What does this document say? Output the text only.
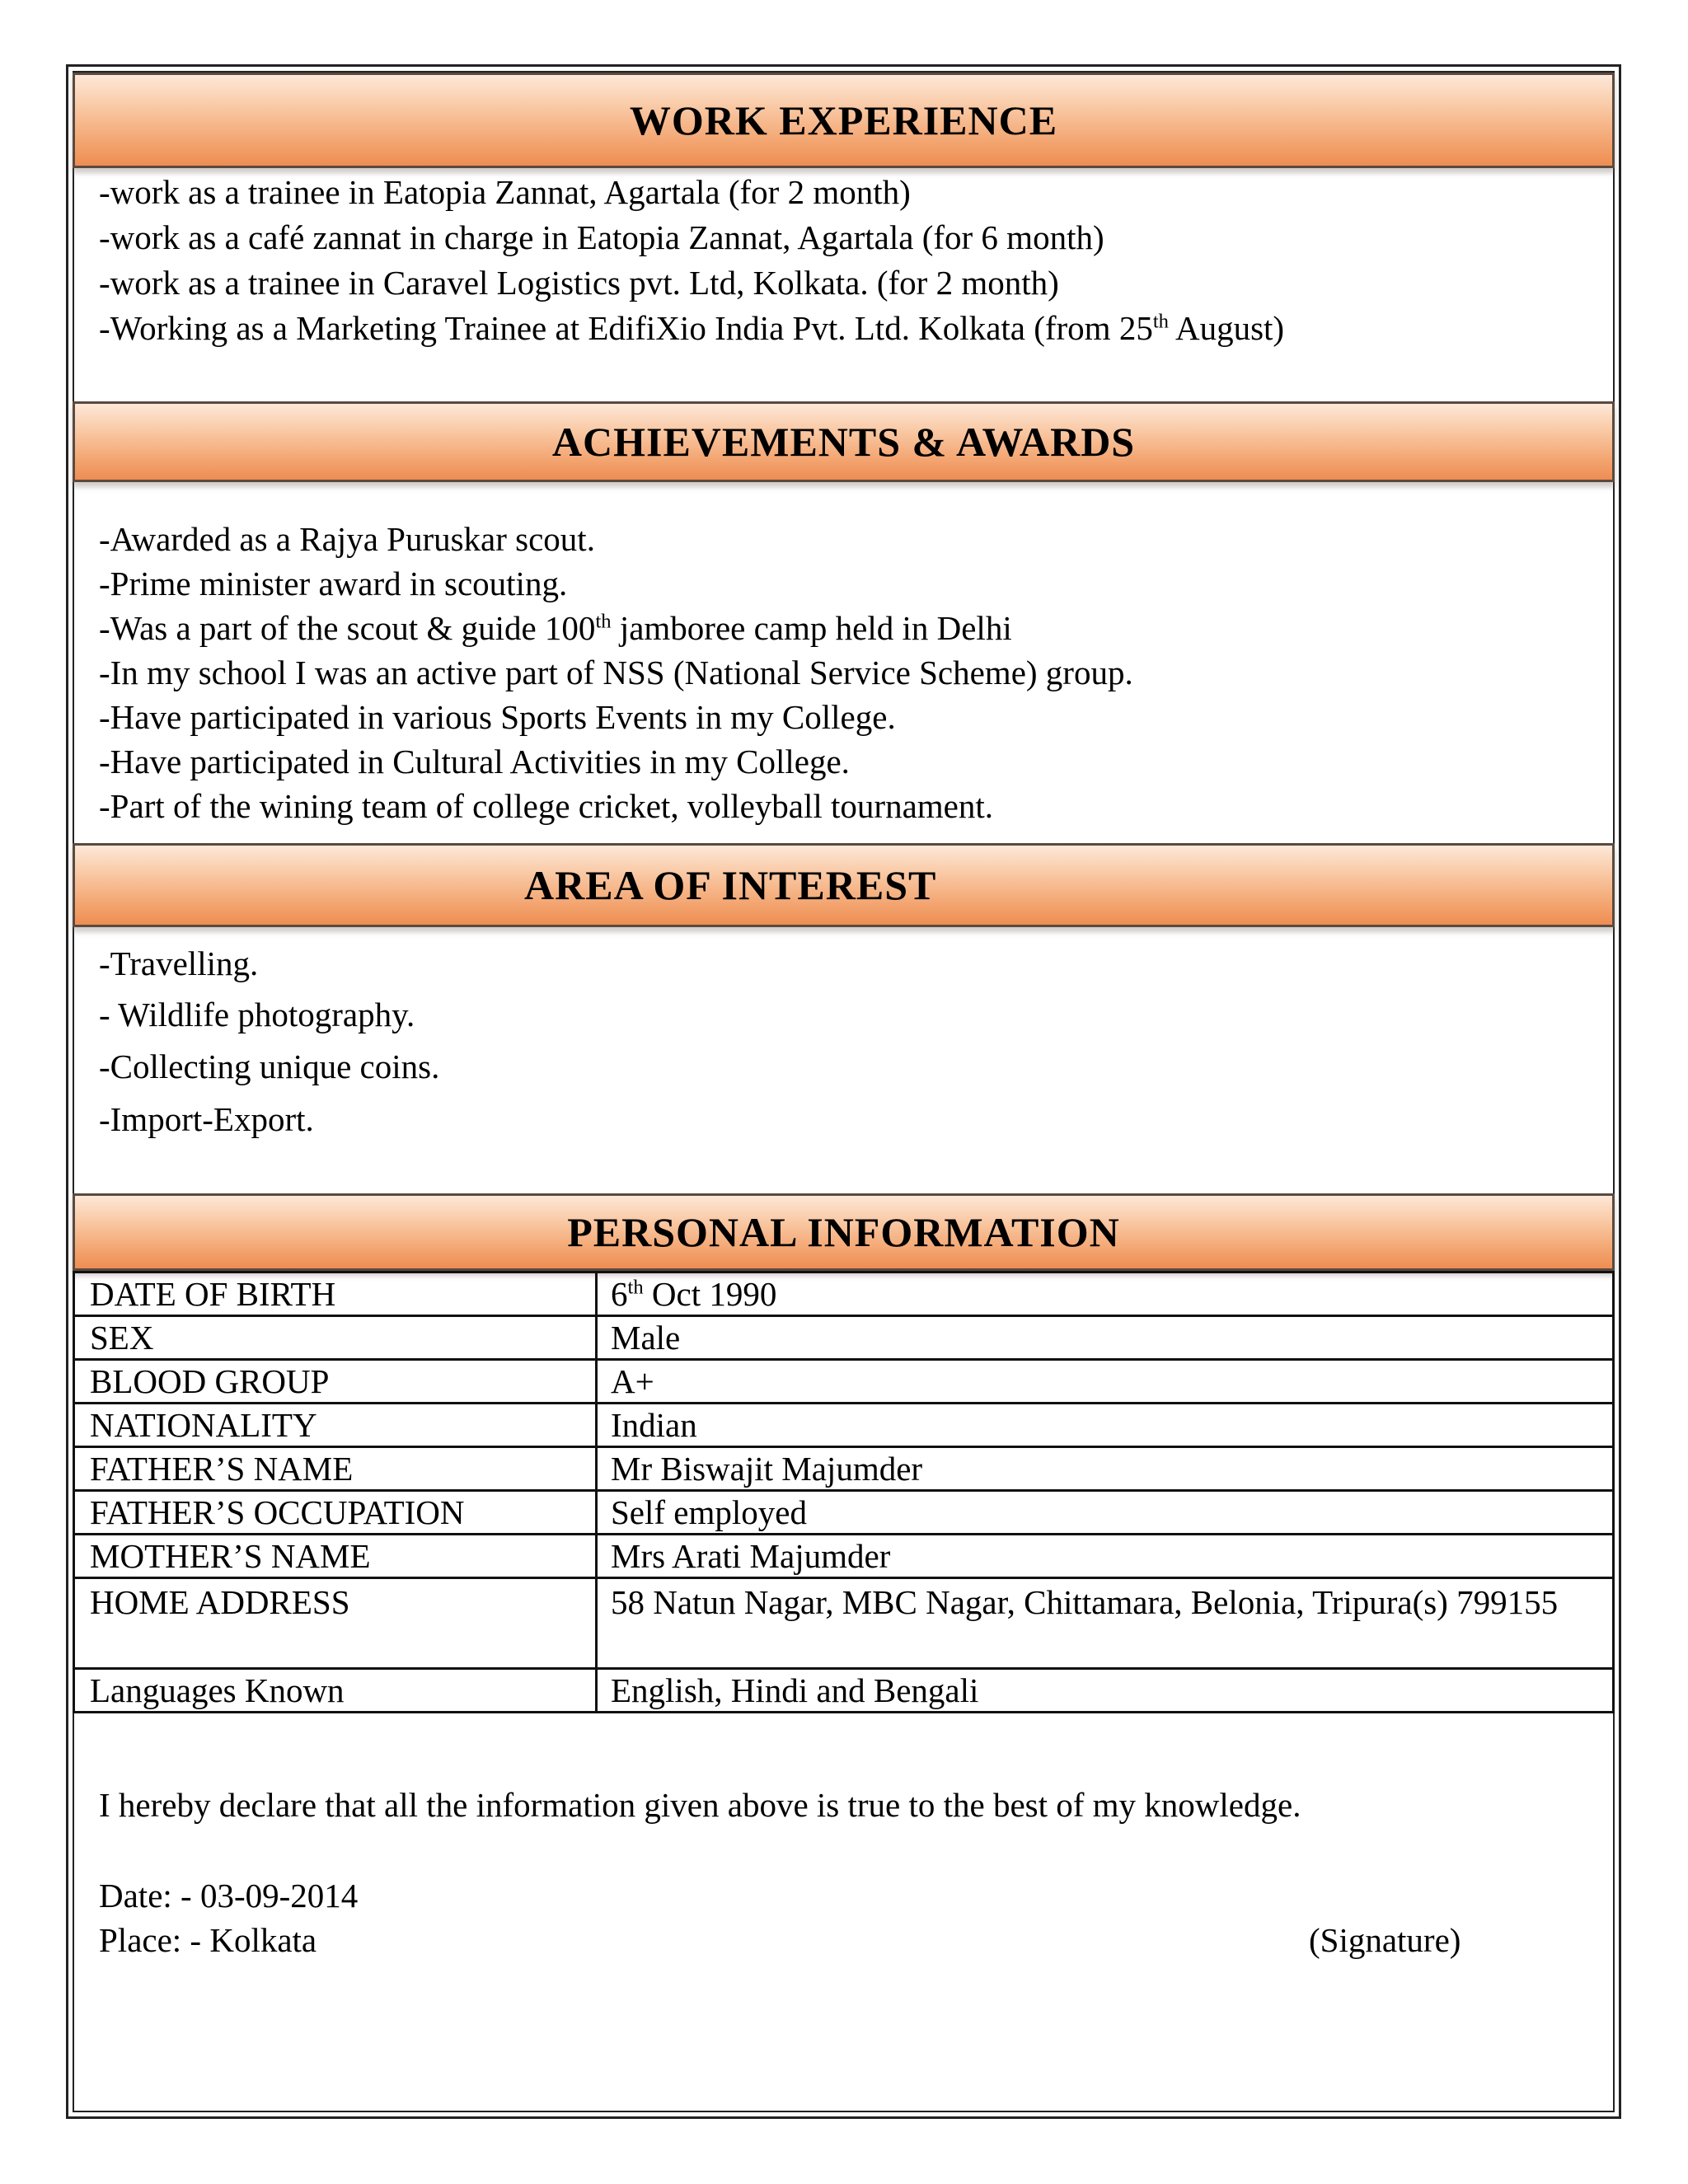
WORK EXPERIENCE
-work as a trainee in Eatopia Zannat, Agartala (for 2 month)
-work as a café zannat in charge in Eatopia Zannat, Agartala (for 6 month)
-work as a trainee in Caravel Logistics pvt. Ltd, Kolkata. (for 2 month)
-Working as a Marketing Trainee at EdifiXio India Pvt. Ltd. Kolkata (from 25th August)
ACHIEVEMENTS & AWARDS
-Awarded as a Rajya Puruskar scout.
-Prime minister award in scouting.
-Was a part of the scout & guide 100th jamboree camp held in Delhi
-In my school I was an active part of NSS (National Service Scheme) group.
-Have participated in various Sports Events in my College.
-Have participated in Cultural Activities in my College.
-Part of the wining team of college cricket, volleyball tournament.
AREA OF INTEREST
-Travelling.
- Wildlife photography.
-Collecting unique coins.
-Import-Export.
PERSONAL INFORMATION
DATE OF BIRTH	6th Oct 1990
SEX	Male
BLOOD GROUP	A+
NATIONALITY	Indian
FATHER’S NAME	Mr Biswajit Majumder
FATHER’S OCCUPATION	Self employed
MOTHER’S NAME	Mrs Arati Majumder
HOME ADDRESS	58 Natun Nagar, MBC Nagar, Chittamara, Belonia, Tripura(s) 799155
Languages Known	English, Hindi and Bengali
I hereby declare that all the information given above is true to the best of my knowledge.
Date: - 03-09-2014
Place: - Kolkata	(Signature)
